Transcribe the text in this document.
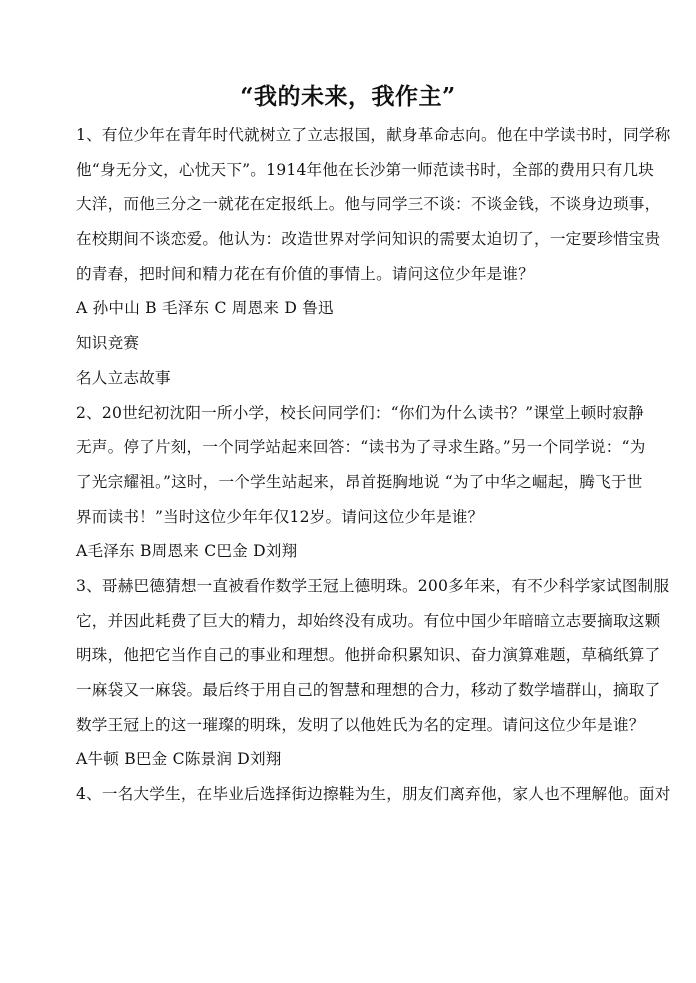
“我的未来，我作主”
1、有位少年在青年时代就树立了立志报国，献身革命志向。他在中学读书时，同学称
他“身无分文，心忧天下”。1914年他在长沙第一师范读书时，全部的费用只有几块
大洋，而他三分之一就花在定报纸上。他与同学三不谈：不谈金钱，不谈身边琐事，
在校期间不谈恋爱。他认为：改造世界对学问知识的需要太迫切了，一定要珍惜宝贵
的青春，把时间和精力花在有价值的事情上。请问这位少年是谁？
A 孙中山 B 毛泽东 C 周恩来 D 鲁迅
知识竞赛
名人立志故事
2、20世纪初沈阳一所小学，校长问同学们：“你们为什么读书？”课堂上顿时寂静
无声。停了片刻，一个同学站起来回答：“读书为了寻求生路。”另一个同学说：“为
了光宗耀祖。”这时，一个学生站起来，昂首挺胸地说 “为了中华之崛起，腾飞于世
界而读书！”当时这位少年年仅12岁。请问这位少年是谁？
A毛泽东 B周恩来 C巴金 D刘翔
3、哥赫巴德猜想一直被看作数学王冠上德明珠。200多年来，有不少科学家试图制服
它，并因此耗费了巨大的精力，却始终没有成功。有位中国少年暗暗立志要摘取这颗
明珠，他把它当作自己的事业和理想。他拼命积累知识、奋力演算难题，草稿纸算了
一麻袋又一麻袋。最后终于用自己的智慧和理想的合力，移动了数学墙群山，摘取了
数学王冠上的这一璀璨的明珠，发明了以他姓氏为名的定理。请问这位少年是谁？
A牛顿 B巴金 C陈景润 D刘翔
4、一名大学生，在毕业后选择街边擦鞋为生，朋友们离弃他，家人也不理解他。面对
